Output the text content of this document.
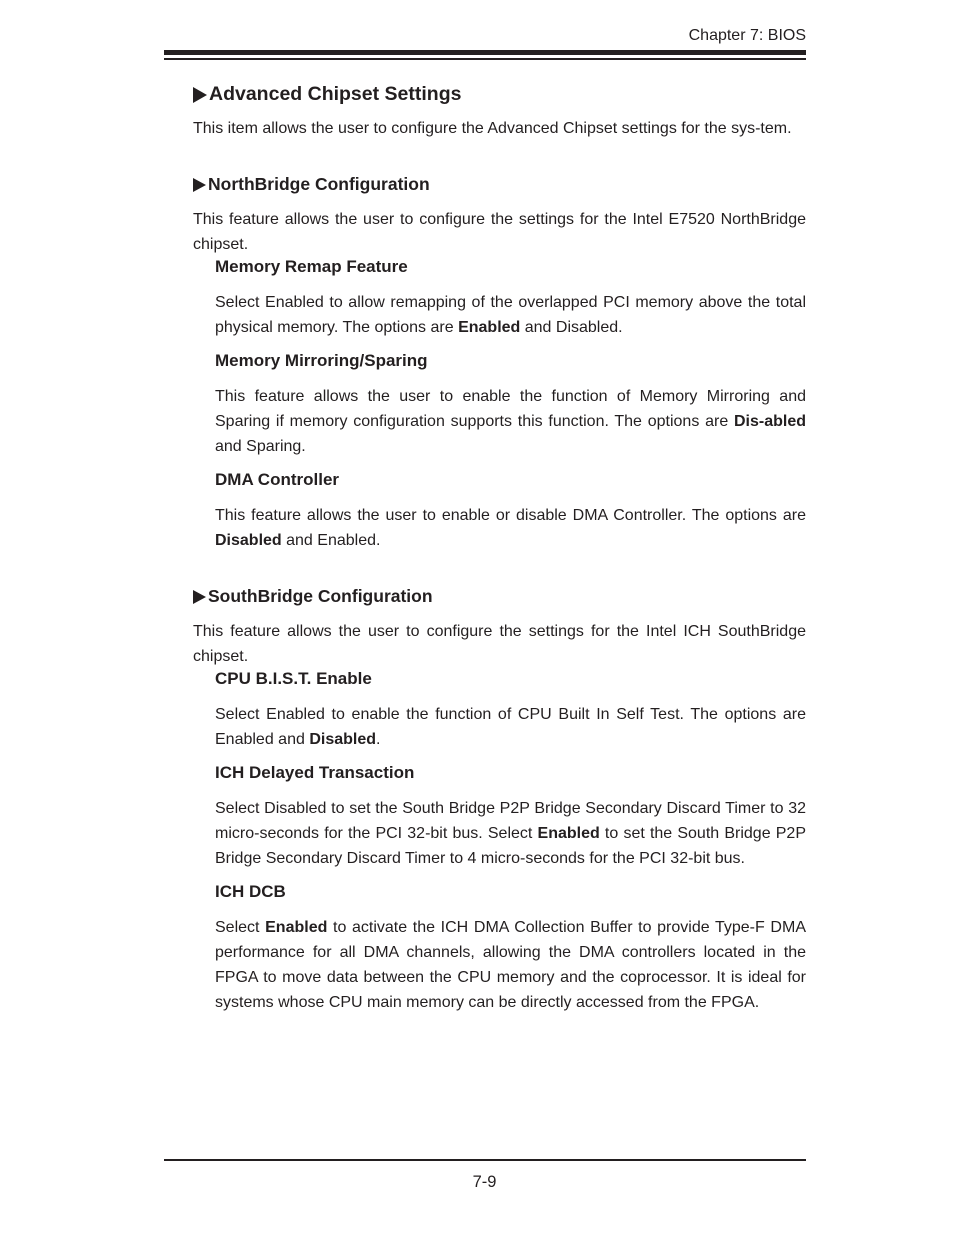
Chapter 7: BIOS
Advanced Chipset Settings

This item allows the user to configure the Advanced Chipset settings for the sys-tem.

NorthBridge Configuration

This feature allows the user to configure the settings for the Intel E7520 NorthBridge chipset.

Memory Remap Feature

Select Enabled to allow remapping of the overlapped PCI memory above the total physical memory. The options are Enabled and Disabled.

Memory Mirroring/Sparing

This feature allows the user to enable the function of Memory Mirroring and Sparing if memory configuration supports this function. The options are Dis-abled and Sparing.

DMA Controller

This feature allows the user to enable or disable DMA Controller. The options are Disabled and Enabled.

SouthBridge Configuration

This feature allows the user to configure the settings for the Intel ICH SouthBridge chipset.

CPU B.I.S.T. Enable

Select Enabled to enable the function of CPU Built In Self Test. The options are Enabled and Disabled.

ICH Delayed Transaction

Select Disabled to set the South Bridge P2P Bridge Secondary Discard Timer to 32 micro-seconds for the PCI 32-bit bus. Select Enabled to set the South Bridge P2P Bridge Secondary Discard Timer to 4 micro-seconds for the PCI 32-bit bus.

ICH DCB

Select Enabled to activate the ICH DMA Collection Buffer to provide Type-F DMA performance for all DMA channels, allowing the DMA controllers located in the FPGA to move data between the CPU memory and the coprocessor. It is ideal for systems whose CPU main memory can be directly accessed from the FPGA.

7-9
